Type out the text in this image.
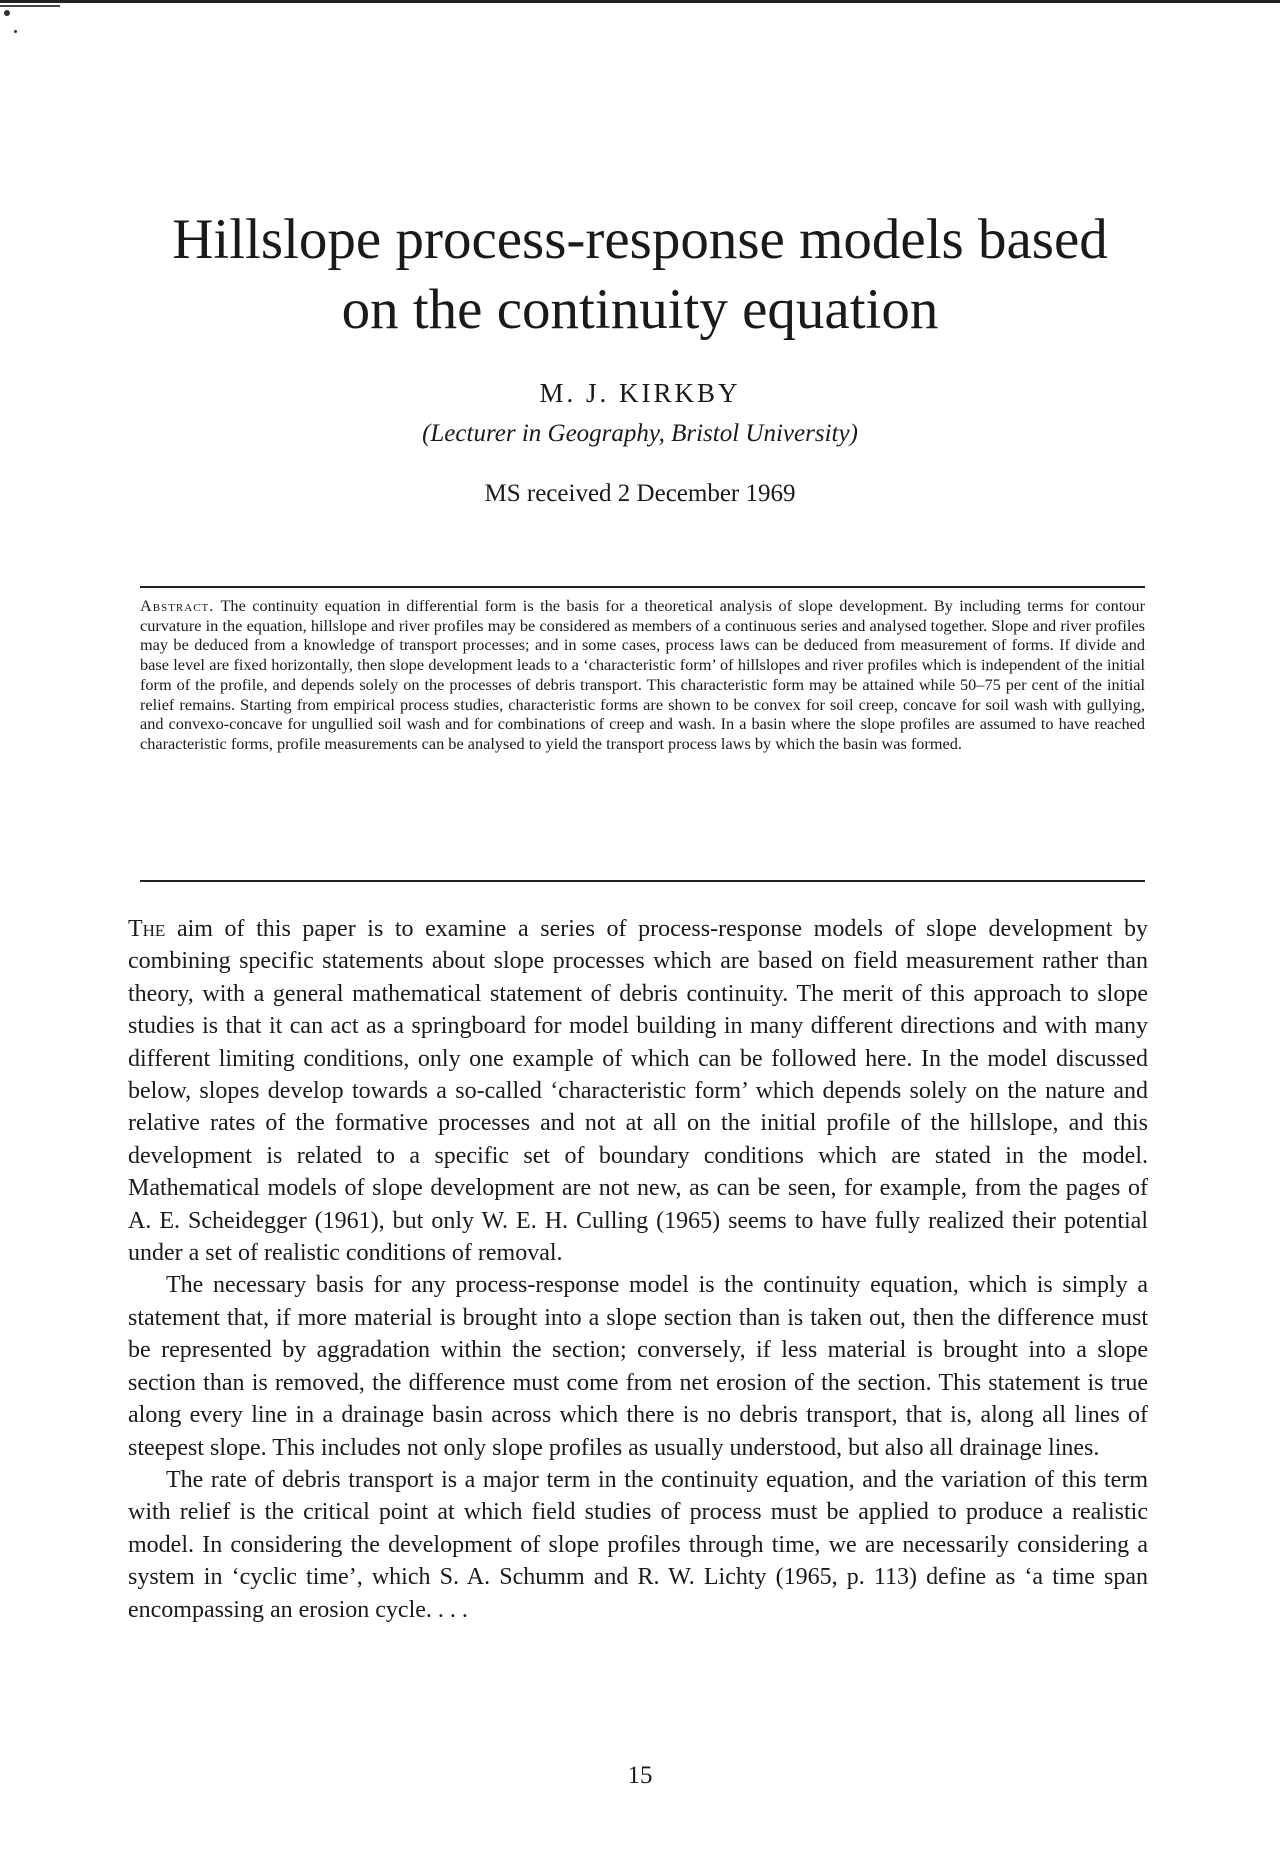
Hillslope process-response models based
on the continuity equation
M. J. KIRKBY
(Lecturer in Geography, Bristol University)
MS received 2 December 1969
Abstract. The continuity equation in differential form is the basis for a theoretical analysis of slope development. By including terms for contour curvature in the equation, hillslope and river profiles may be considered as members of a continuous series and analysed together. Slope and river profiles may be deduced from a knowledge of transport processes; and in some cases, process laws can be deduced from measurement of forms. If divide and base level are fixed horizontally, then slope development leads to a ‘characteristic form’ of hillslopes and river profiles which is independent of the initial form of the profile, and depends solely on the processes of debris transport. This characteristic form may be attained while 50–75 per cent of the initial relief remains. Starting from empirical process studies, characteristic forms are shown to be convex for soil creep, concave for soil wash with gullying, and convexo-concave for ungullied soil wash and for combinations of creep and wash. In a basin where the slope profiles are assumed to have reached characteristic forms, profile measurements can be analysed to yield the transport process laws by which the basin was formed.

The aim of this paper is to examine a series of process-response models of slope development by combining specific statements about slope processes which are based on field measurement rather than theory, with a general mathematical statement of debris continuity. The merit of this approach to slope studies is that it can act as a springboard for model building in many different directions and with many different limiting conditions, only one example of which can be followed here. In the model discussed below, slopes develop towards a so-called ‘characteristic form’ which depends solely on the nature and relative rates of the formative processes and not at all on the initial profile of the hillslope, and this development is related to a specific set of boundary conditions which are stated in the model. Mathematical models of slope development are not new, as can be seen, for example, from the pages of A. E. Scheidegger (1961), but only W. E. H. Culling (1965) seems to have fully realized their potential under a set of realistic conditions of removal.

The necessary basis for any process-response model is the continuity equation, which is simply a statement that, if more material is brought into a slope section than is taken out, then the difference must be represented by aggradation within the section; conversely, if less material is brought into a slope section than is removed, the difference must come from net erosion of the section. This statement is true along every line in a drainage basin across which there is no debris transport, that is, along all lines of steepest slope. This includes not only slope profiles as usually understood, but also all drainage lines.

The rate of debris transport is a major term in the continuity equation, and the variation of this term with relief is the critical point at which field studies of process must be applied to produce a realistic model. In considering the development of slope profiles through time, we are necessarily considering a system in ‘cyclic time’, which S. A. Schumm and R. W. Lichty (1965, p. 113) define as ‘a time span encompassing an erosion cycle. . . .

15
